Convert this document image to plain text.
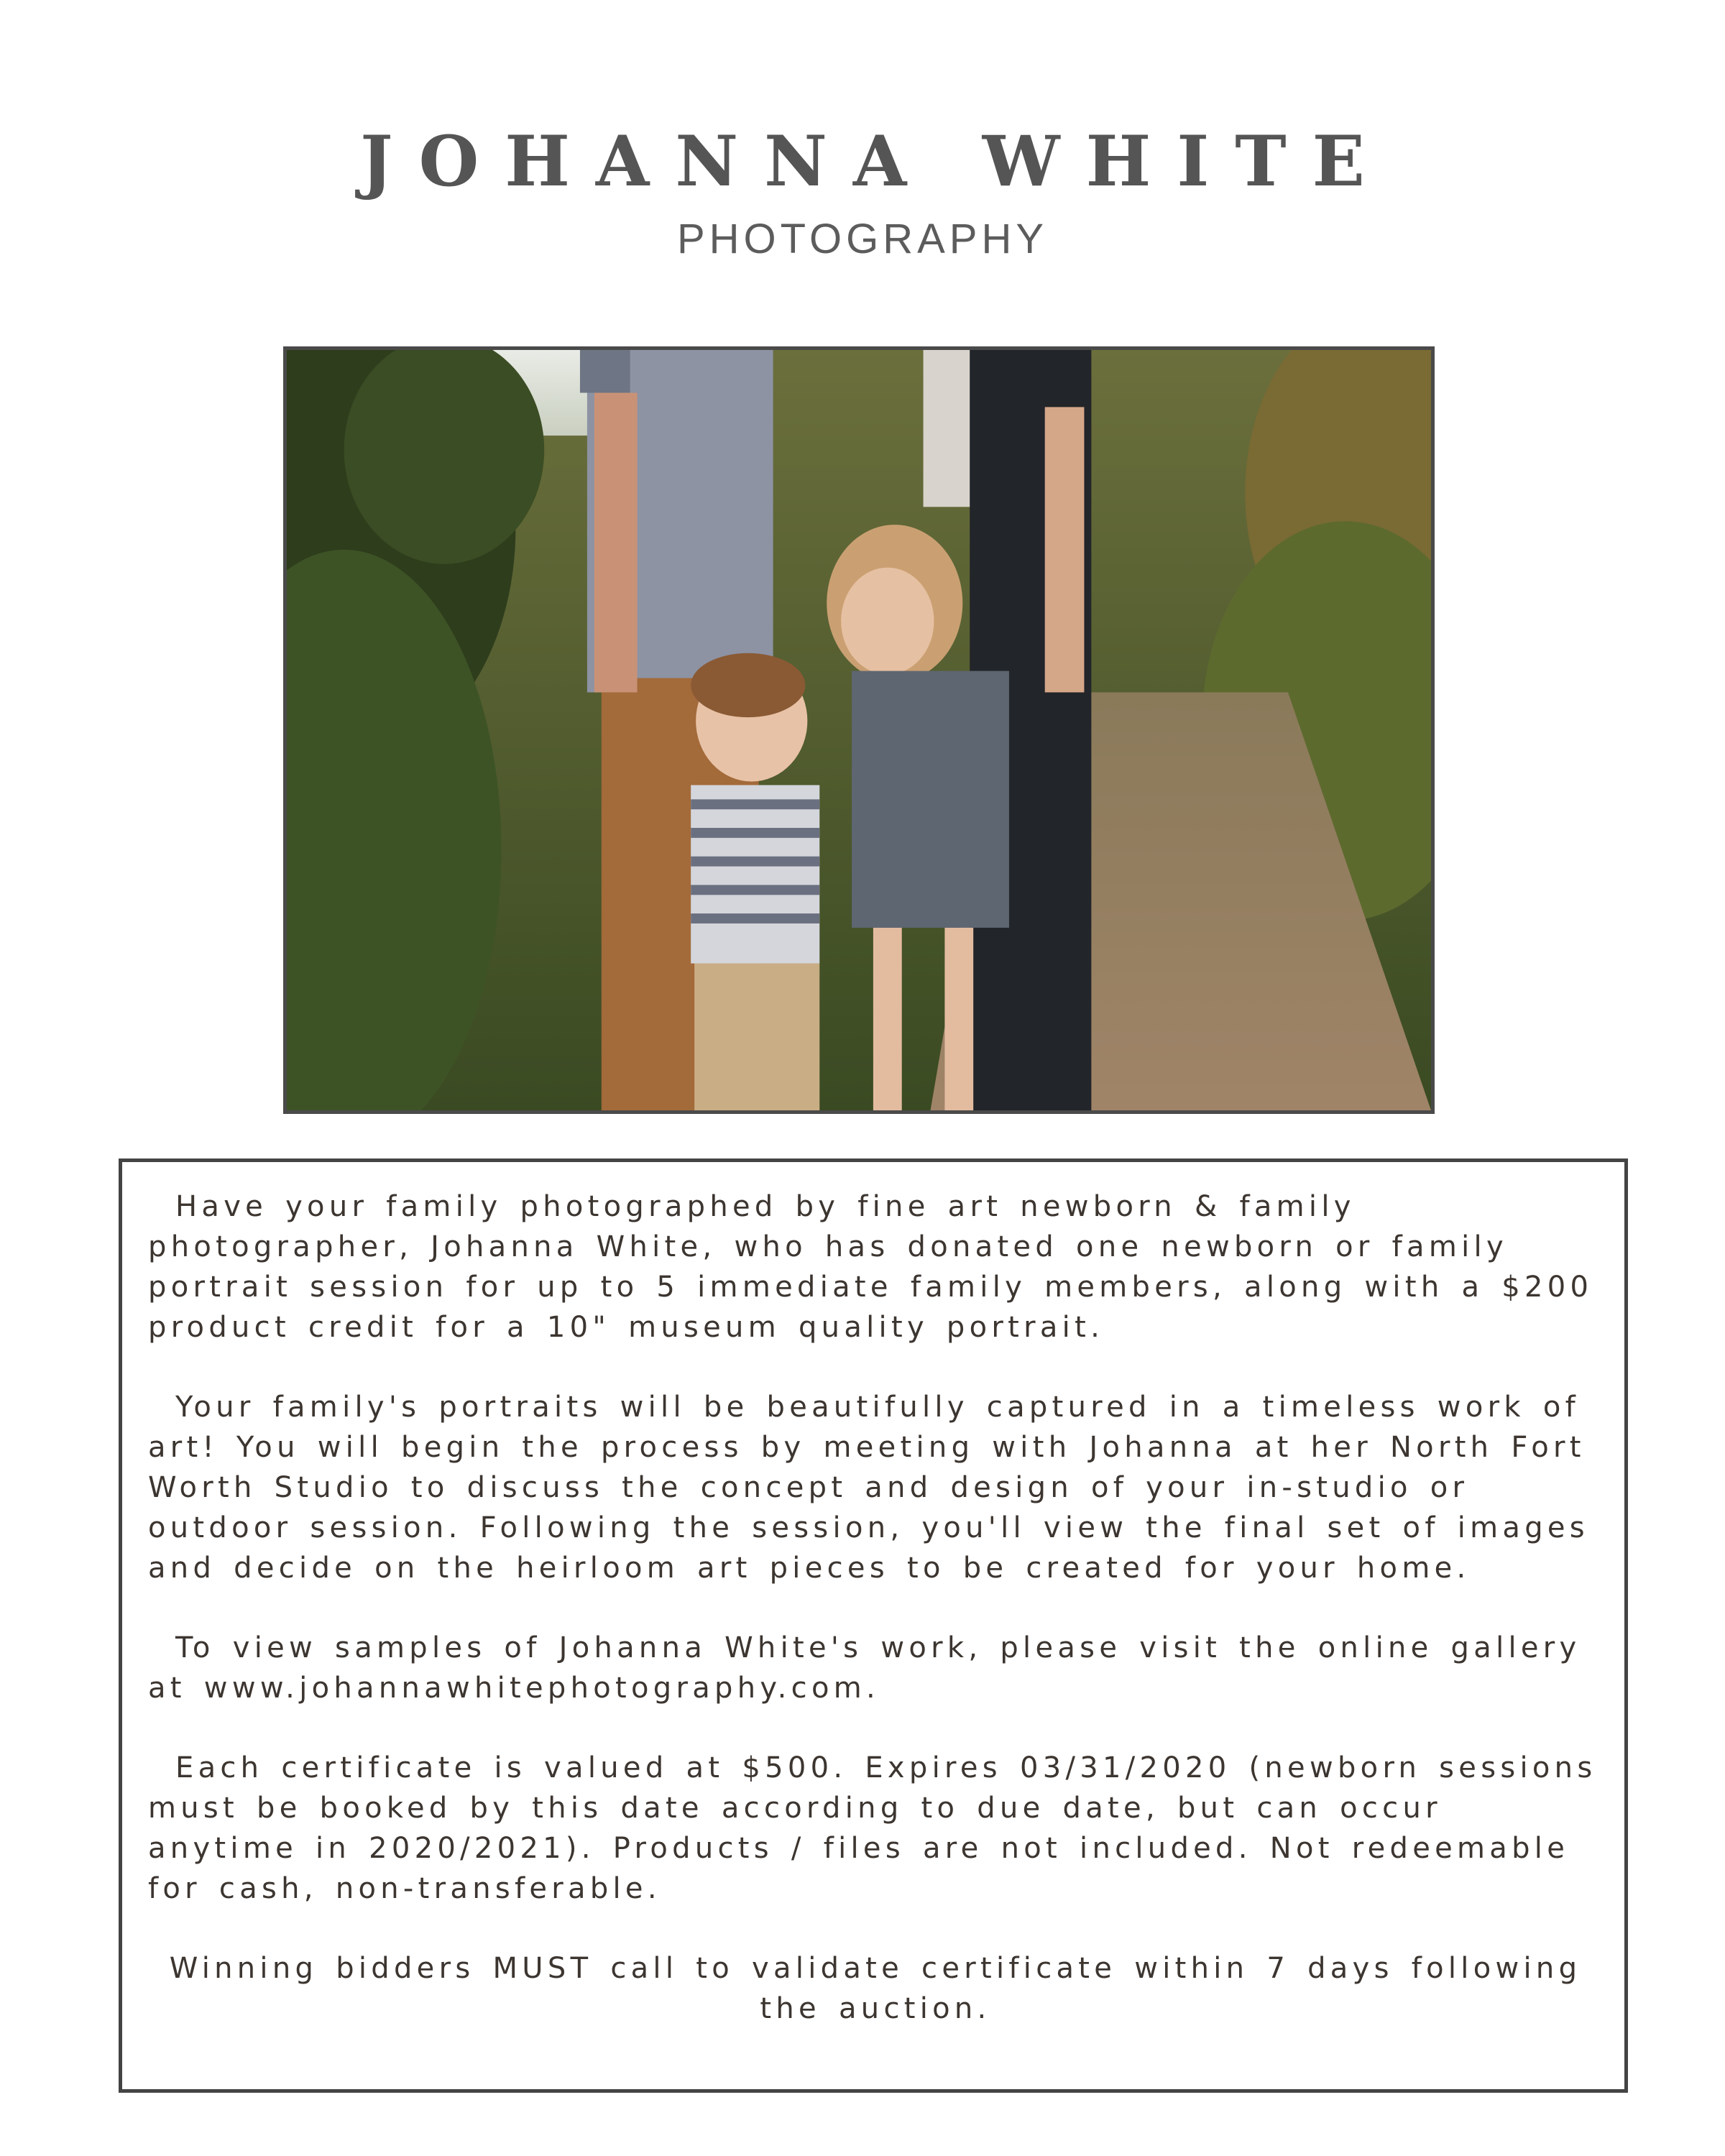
JOHANNA WHITE
PHOTOGRAPHY

Have your family photographed by fine art newborn & family photographer, Johanna White, who has donated one newborn or family portrait session for up to 5 immediate family members, along with a $200 product credit for a 10" museum quality portrait.

Your family's portraits will be beautifully captured in a timeless work of art! You will begin the process by meeting with Johanna at her North Fort Worth Studio to discuss the concept and design of your in-studio or outdoor session. Following the session, you'll view the final set of images and decide on the heirloom art pieces to be created for your home.

To view samples of Johanna White's work, please visit the online gallery at www.johannawhitephotography.com.

Each certificate is valued at $500. Expires 03/31/2020 (newborn sessions must be booked by this date according to due date, but can occur anytime in 2020/2021). Products / files are not included. Not redeemable for cash, non-transferable.

Winning bidders MUST call to validate certificate within 7 days following the auction.
